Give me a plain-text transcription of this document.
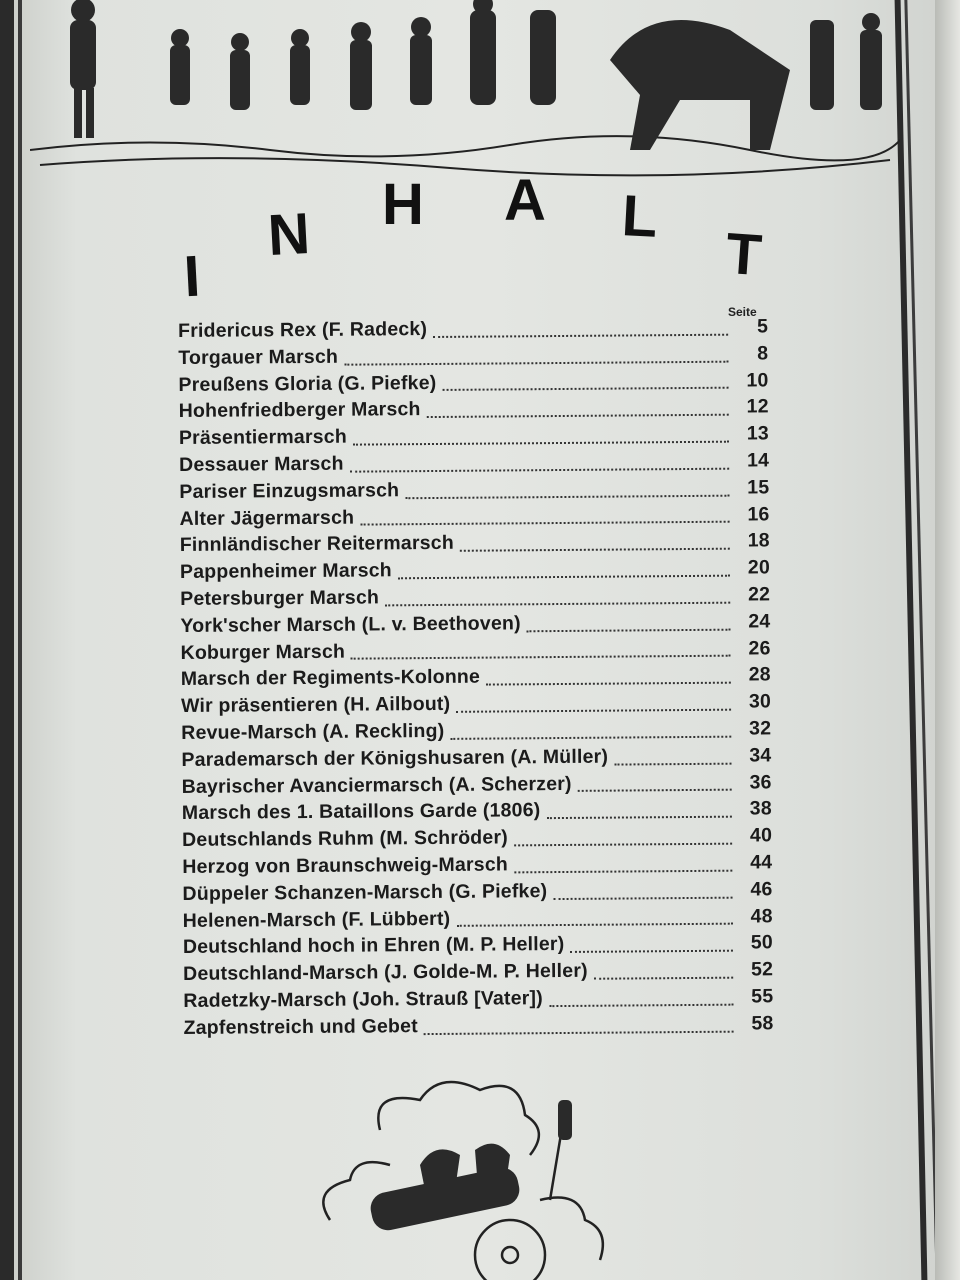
I
N H A L
T
Seite
Fridericus Rex (F. Radeck)	5
Torgauer Marsch	8
Preußens Gloria (G. Piefke)	10
Hohenfriedberger Marsch	12
Präsentiermarsch	13
Dessauer Marsch	14
Pariser Einzugsmarsch	15
Alter Jägermarsch	16
Finnländischer Reitermarsch	18
Pappenheimer Marsch	20
Petersburger Marsch	22
York'scher Marsch (L. v. Beethoven)	24
Koburger Marsch	26
Marsch der Regiments-Kolonne	28
Wir präsentieren (H. Ailbout)	30
Revue-Marsch (A. Reckling)	32
Parademarsch der Königshusaren (A. Müller)	34
Bayrischer Avanciermarsch (A. Scherzer)	36
Marsch des 1. Bataillons Garde (1806)	38
Deutschlands Ruhm (M. Schröder)	40
Herzog von Braunschweig-Marsch	44
Düppeler Schanzen-Marsch (G. Piefke)	46
Helenen-Marsch (F. Lübbert)	48
Deutschland hoch in Ehren (M. P. Heller)	50
Deutschland-Marsch (J. Golde-M. P. Heller)	52
Radetzky-Marsch (Joh. Strauß [Vater])	55
Zapfenstreich und Gebet	58
